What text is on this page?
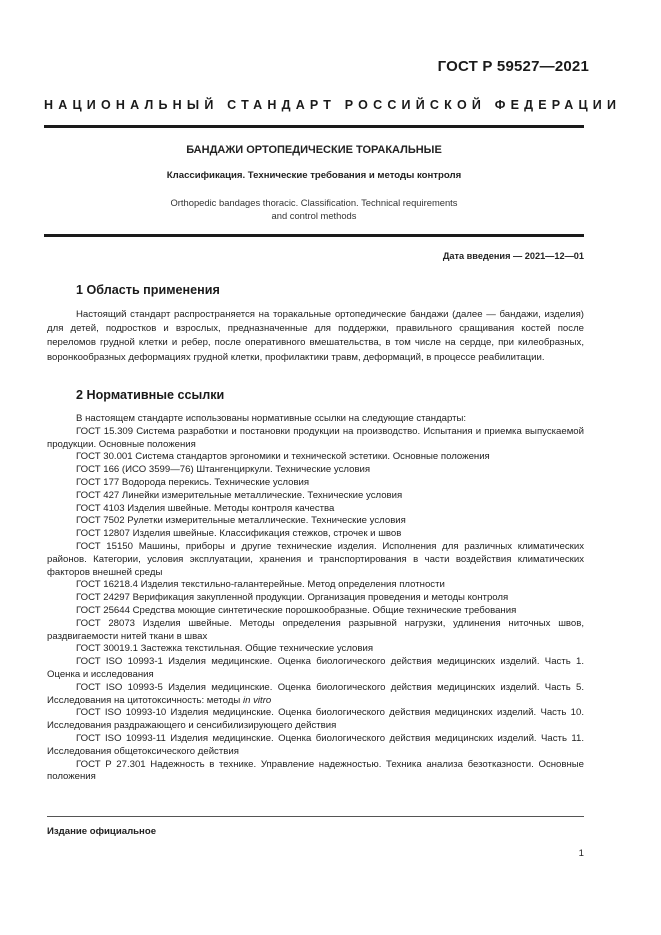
ГОСТ Р 59527—2021
НАЦИОНАЛЬНЫЙ СТАНДАРТ РОССИЙСКОЙ ФЕДЕРАЦИИ
БАНДАЖИ ОРТОПЕДИЧЕСКИЕ ТОРАКАЛЬНЫЕ
Классификация. Технические требования и методы контроля
Orthopedic bandages thoracic. Classification. Technical requirements
and control methods
Дата введения — 2021—12—01
1 Область применения
Настоящий стандарт распространяется на торакальные ортопедические бандажи (далее — бандажи, изделия) для детей, подростков и взрослых, предназначенные для поддержки, правильного сращивания костей после переломов грудной клетки и ребер, после оперативного вмешательства, в том числе на сердце, при килеобразных, воронкообразных деформациях грудной клетки, профилактики травм, деформаций, в процессе реабилитации.
2 Нормативные ссылки

В настоящем стандарте использованы нормативные ссылки на следующие стандарты:

ГОСТ 15.309 Система разработки и постановки продукции на производство. Испытания и приемка выпускаемой продукции. Основные положения

ГОСТ 30.001 Система стандартов эргономики и технической эстетики. Основные положения

ГОСТ 166 (ИСО 3599—76) Штангенциркули. Технические условия

ГОСТ 177 Водорода перекись. Технические условия

ГОСТ 427 Линейки измерительные металлические. Технические условия

ГОСТ 4103 Изделия швейные. Методы контроля качества

ГОСТ 7502 Рулетки измерительные металлические. Технические условия

ГОСТ 12807 Изделия швейные. Классификация стежков, строчек и швов

ГОСТ 15150 Машины, приборы и другие технические изделия. Исполнения для различных климатических районов. Категории, условия эксплуатации, хранения и транспортирования в части воздействия климатических факторов внешней среды

ГОСТ 16218.4 Изделия текстильно-галантерейные. Метод определения плотности

ГОСТ 24297 Верификация закупленной продукции. Организация проведения и методы контроля

ГОСТ 25644 Средства моющие синтетические порошкообразные. Общие технические требования

ГОСТ 28073 Изделия швейные. Методы определения разрывной нагрузки, удлинения ниточных швов, раздвигаемости нитей ткани в швах

ГОСТ 30019.1 Застежка текстильная. Общие технические условия

ГОСТ ISO 10993-1 Изделия медицинские. Оценка биологического действия медицинских изделий. Часть 1. Оценка и исследования

ГОСТ ISO 10993-5 Изделия медицинские. Оценка биологического действия медицинских изделий. Часть 5. Исследования на цитотоксичность: методы in vitro

ГОСТ ISO 10993-10 Изделия медицинские. Оценка биологического действия медицинских изделий. Часть 10. Исследования раздражающего и сенсибилизирующего действия

ГОСТ ISO 10993-11 Изделия медицинские. Оценка биологического действия медицинских изделий. Часть 11. Исследования общетоксического действия

ГОСТ Р 27.301 Надежность в технике. Управление надежностью. Техника анализа безотказности. Основные положения

Издание официальное
1
